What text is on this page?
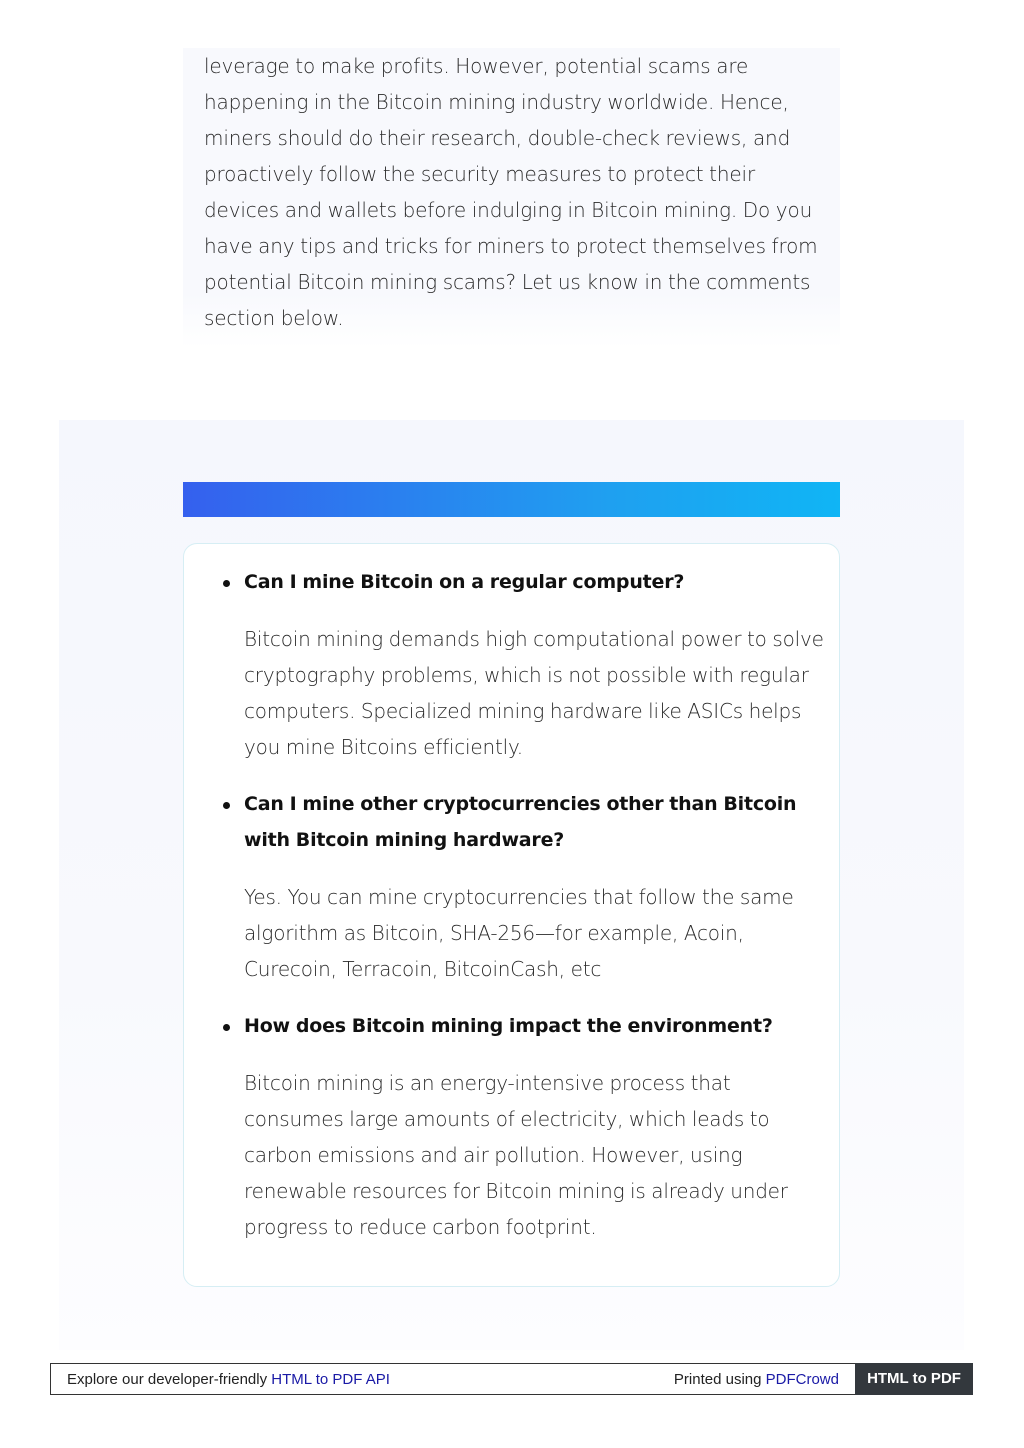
leverage to make profits. However, potential scams are happening in the Bitcoin mining industry worldwide. Hence, miners should do their research, double-check reviews, and proactively follow the security measures to protect their devices and wallets before indulging in Bitcoin mining. Do you have any tips and tricks for miners to protect themselves from potential Bitcoin mining scams? Let us know in the comments section below.

Can I mine Bitcoin on a regular computer?

Bitcoin mining demands high computational power to solve cryptography problems, which is not possible with regular computers. Specialized mining hardware like ASICs helps you mine Bitcoins efficiently.

Can I mine other cryptocurrencies other than Bitcoin with Bitcoin mining hardware?

Yes. You can mine cryptocurrencies that follow the same algorithm as Bitcoin, SHA-256—for example, Acoin, Curecoin, Terracoin, BitcoinCash, etc

How does Bitcoin mining impact the environment?

Bitcoin mining is an energy-intensive process that consumes large amounts of electricity, which leads to carbon emissions and air pollution. However, using renewable resources for Bitcoin mining is already under progress to reduce carbon footprint.

Explore our developer-friendly HTML to PDF API	Printed using PDFCrowd	HTML to PDF
